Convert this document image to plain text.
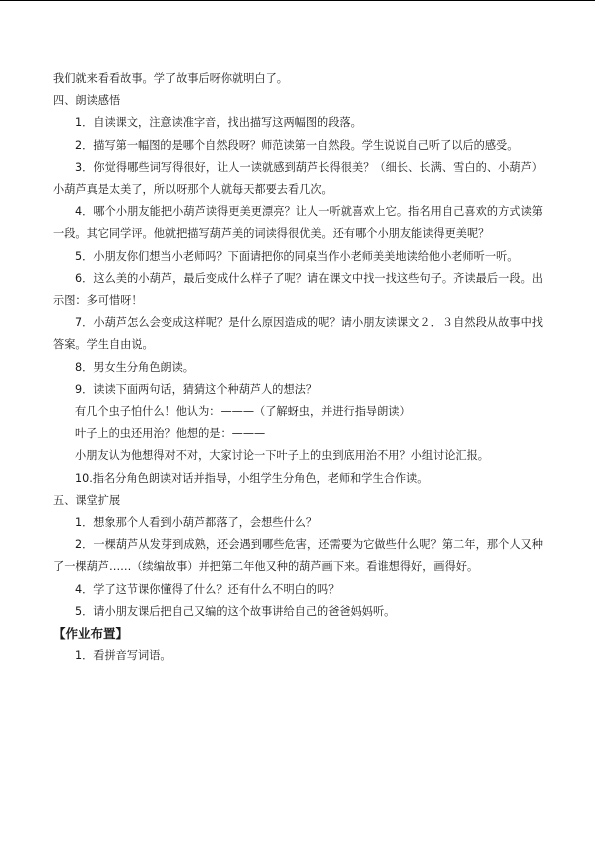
我们就来看看故事。学了故事后呀你就明白了。

四、朗读感悟

1．自读课文，注意读准字音，找出描写这两幅图的段落。

2．描写第一幅图的是哪个自然段呀？师范读第一自然段。学生说说自己听了以后的感受。

3．你觉得哪些词写得很好，让人一读就感到葫芦长得很美？（细长、长满、雪白的、小葫芦）小葫芦真是太美了，所以呀那个人就每天都要去看几次。

4．哪个小朋友能把小葫芦读得更美更漂亮？让人一听就喜欢上它。指名用自己喜欢的方式读第一段。其它同学评。他就把描写葫芦美的词读得很优美。还有哪个小朋友能读得更美呢？

5．小朋友你们想当小老师吗？下面请把你的同桌当作小老师美美地读给他小老师听一听。

6．这么美的小葫芦，最后变成什么样子了呢？请在课文中找一找这些句子。齐读最后一段。出示图：多可惜呀！

7．小葫芦怎么会变成这样呢？是什么原因造成的呢？请小朋友读课文２．３自然段从故事中找答案。学生自由说。

8．男女生分角色朗读。

9．读读下面两句话，猜猜这个种葫芦人的想法？

有几个虫子怕什么！他认为：———（了解蚜虫，并进行指导朗读）

叶子上的虫还用治？他想的是：———

小朋友认为他想得对不对，大家讨论一下叶子上的虫到底用治不用？小组讨论汇报。

10.指名分角色朗读对话并指导，小组学生分角色，老师和学生合作读。

五、课堂扩展

1．想象那个人看到小葫芦都落了，会想些什么？

2．一棵葫芦从发芽到成熟，还会遇到哪些危害，还需要为它做些什么呢？第二年，那个人又种了一棵葫芦……（续编故事）并把第二年他又种的葫芦画下来。看谁想得好，画得好。

4．学了这节课你懂得了什么？还有什么不明白的吗？

5．请小朋友课后把自己又编的这个故事讲给自己的爸爸妈妈听。

【作业布置】

1．看拼音写词语。
